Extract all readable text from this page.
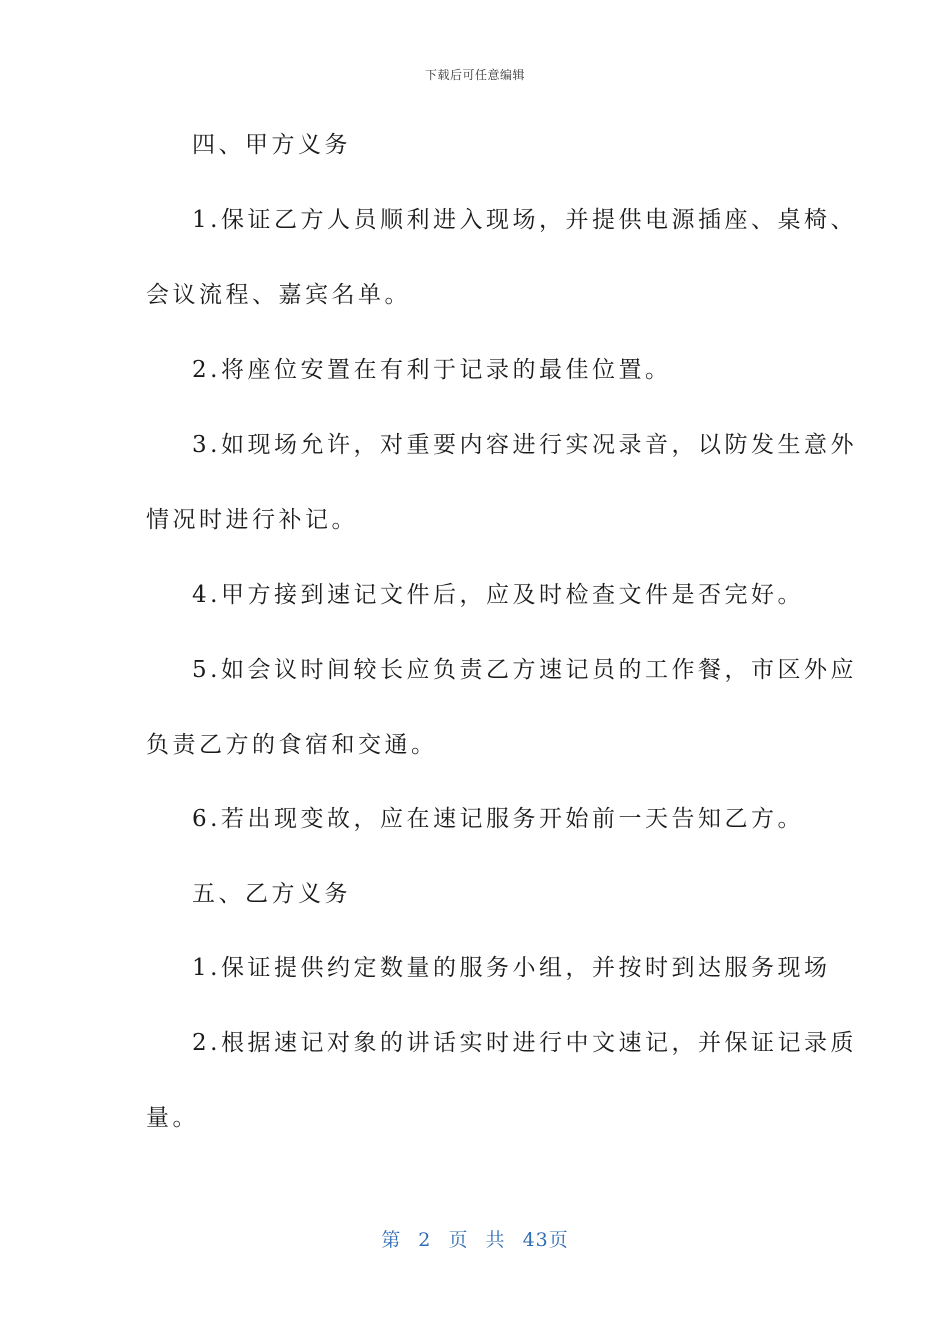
下载后可任意编辑
四、甲方义务
1.保证乙方人员顺利进入现场，并提供电源插座、桌椅、
会议流程、嘉宾名单。
2.将座位安置在有利于记录的最佳位置。
3.如现场允许，对重要内容进行实况录音，以防发生意外
情况时进行补记。
4.甲方接到速记文件后，应及时检查文件是否完好。
5.如会议时间较长应负责乙方速记员的工作餐，市区外应
负责乙方的食宿和交通。
6.若出现变故，应在速记服务开始前一天告知乙方。
五、乙方义务
1.保证提供约定数量的服务小组，并按时到达服务现场
2.根据速记对象的讲话实时进行中文速记，并保证记录质
量。
第 2 页 共 43页
